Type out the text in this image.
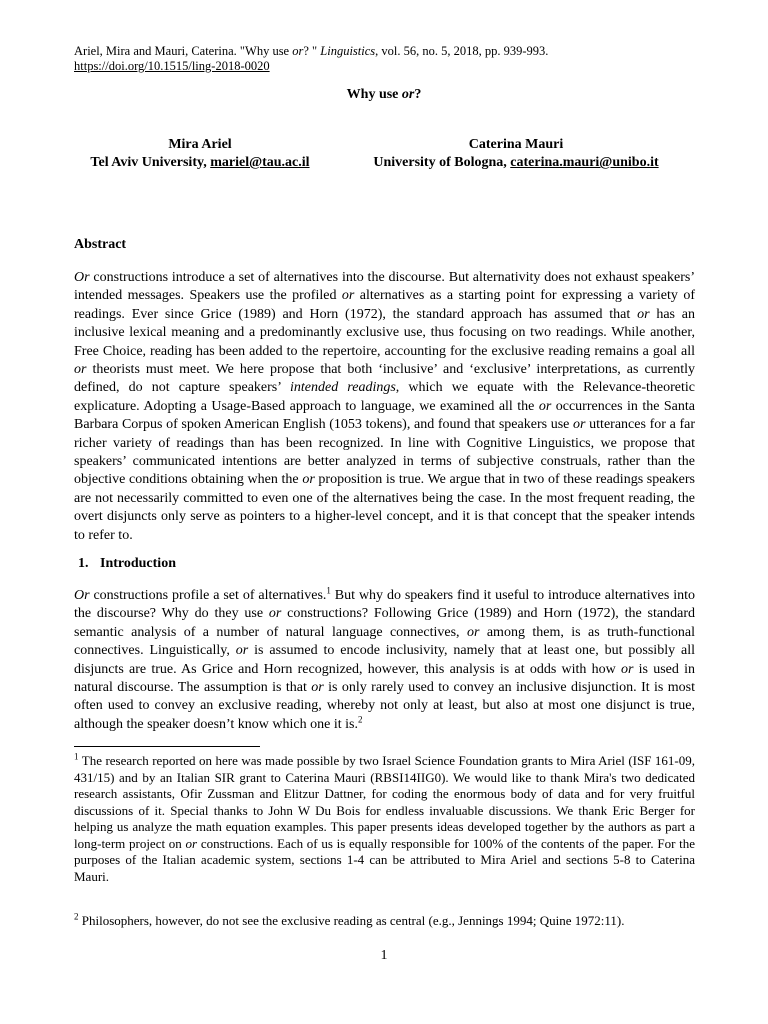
Ariel, Mira and Mauri, Caterina. "Why use or? " Linguistics, vol. 56, no. 5, 2018, pp. 939-993. https://doi.org/10.1515/ling-2018-0020
Why use or?
Mira Ariel
Tel Aviv University, mariel@tau.ac.il
Caterina Mauri
University of Bologna, caterina.mauri@unibo.it
Abstract

Or constructions introduce a set of alternatives into the discourse. But alternativity does not exhaust speakers’ intended messages. Speakers use the profiled or alternatives as a starting point for expressing a variety of readings. Ever since Grice (1989) and Horn (1972), the standard approach has assumed that or has an inclusive lexical meaning and a predominantly exclusive use, thus focusing on two readings. While another, Free Choice, reading has been added to the repertoire, accounting for the exclusive reading remains a goal all or theorists must meet. We here propose that both ‘inclusive’ and ‘exclusive’ interpretations, as currently defined, do not capture speakers’ intended readings, which we equate with the Relevance-theoretic explicature. Adopting a Usage-Based approach to language, we examined all the or occurrences in the Santa Barbara Corpus of spoken American English (1053 tokens), and found that speakers use or utterances for a far richer variety of readings than has been recognized. In line with Cognitive Linguistics, we propose that speakers’ communicated intentions are better analyzed in terms of subjective construals, rather than the objective conditions obtaining when the or proposition is true. We argue that in two of these readings speakers are not necessarily committed to even one of the alternatives being the case. In the most frequent reading, the overt disjuncts only serve as pointers to a higher-level concept, and it is that concept that the speaker intends to refer to.

1. Introduction

Or constructions profile a set of alternatives.$^1$ But why do speakers find it useful to introduce alternatives into the discourse? Why do they use or constructions? Following Grice (1989) and Horn (1972), the standard semantic analysis of a number of natural language connectives, or among them, is as truth-functional connectives. Linguistically, or is assumed to encode inclusivity, namely that at least one, but possibly all disjuncts are true. As Grice and Horn recognized, however, this analysis is at odds with how or is used in natural discourse. The assumption is that or is only rarely used to convey an inclusive disjunction. It is most often used to convey an exclusive reading, whereby not only at least, but also at most one disjunct is true, although the speaker doesn’t know which one it is.$^2$

$^1$ The research reported on here was made possible by two Israel Science Foundation grants to Mira Ariel (ISF 161-09, 431/15) and by an Italian SIR grant to Caterina Mauri (RBSI14IIG0). We would like to thank Mira's two dedicated research assistants, Ofir Zussman and Elitzur Dattner, for coding the enormous body of data and for very fruitful discussions of it. Special thanks to John W Du Bois for endless invaluable discussions. We thank Eric Berger for helping us analyze the math equation examples. This paper presents ideas developed together by the authors as part a long-term project on or constructions. Each of us is equally responsible for 100% of the contents of the paper. For the purposes of the Italian academic system, sections 1-4 can be attributed to Mira Ariel and sections 5-8 to Caterina Mauri.

$^2$ Philosophers, however, do not see the exclusive reading as central (e.g., Jennings 1994; Quine 1972:11).

1
